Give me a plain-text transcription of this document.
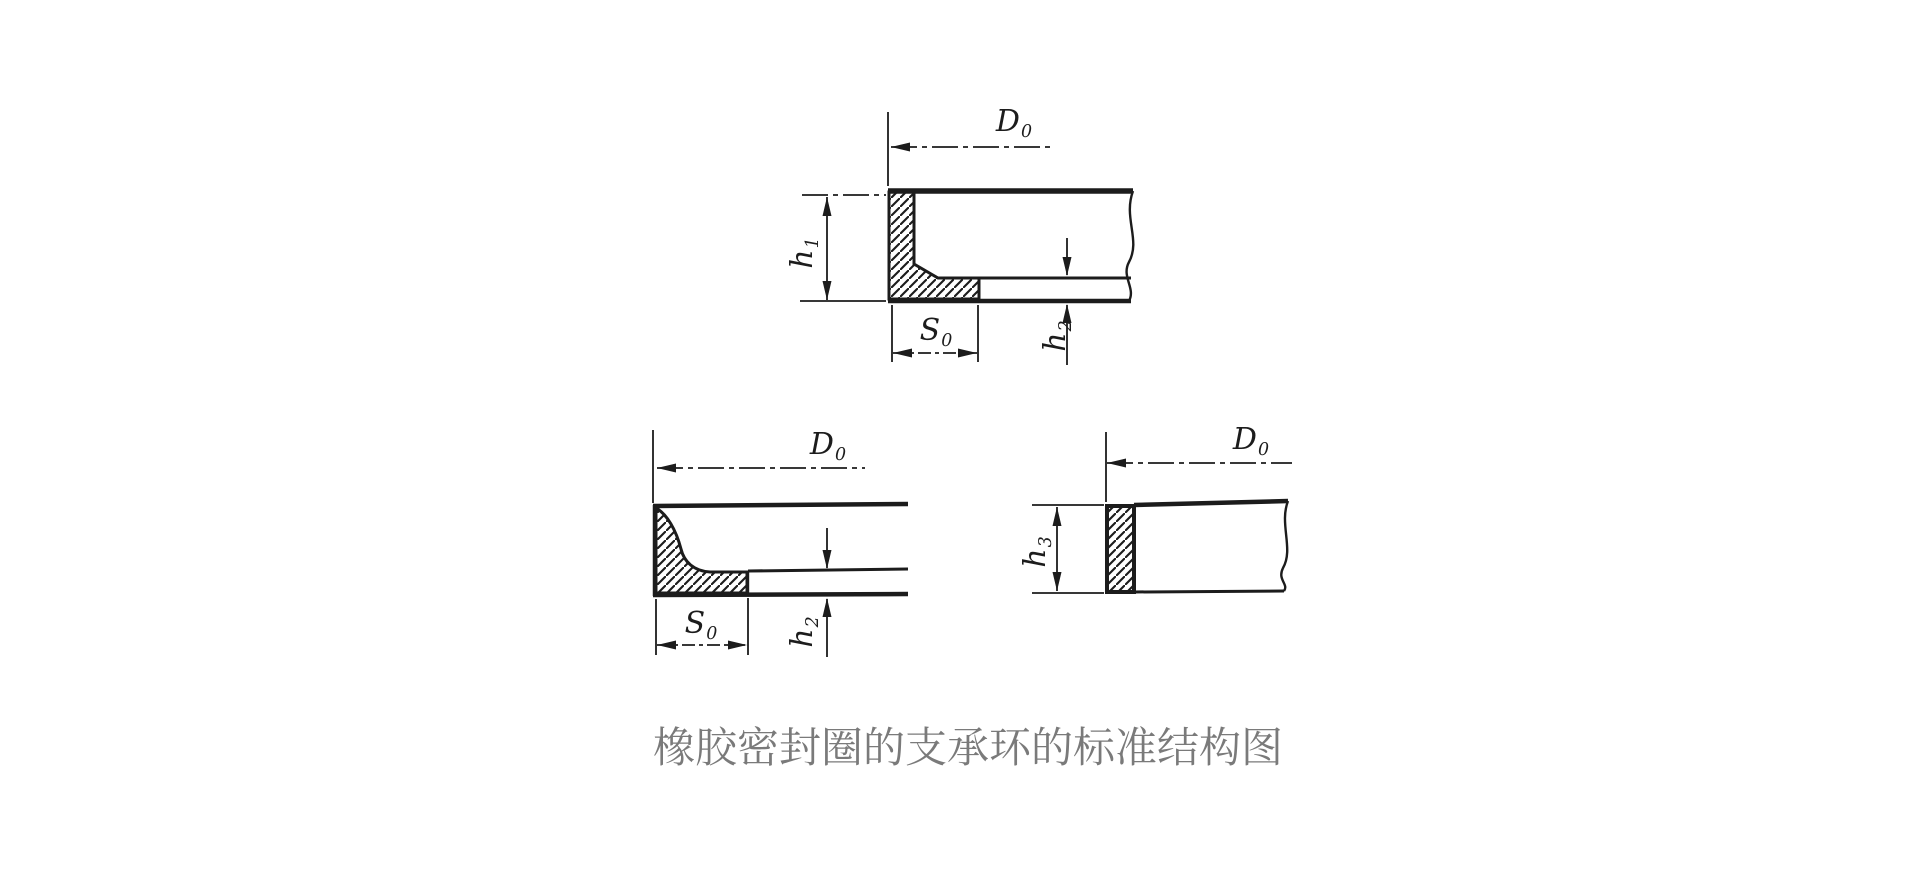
$D_0$
$h_1$
$S_0$	$h_2$
$D_0$
$S_0$ $h_2$
$D_0$
$h_3$
橡胶密封圈的支承环的标准结构图
